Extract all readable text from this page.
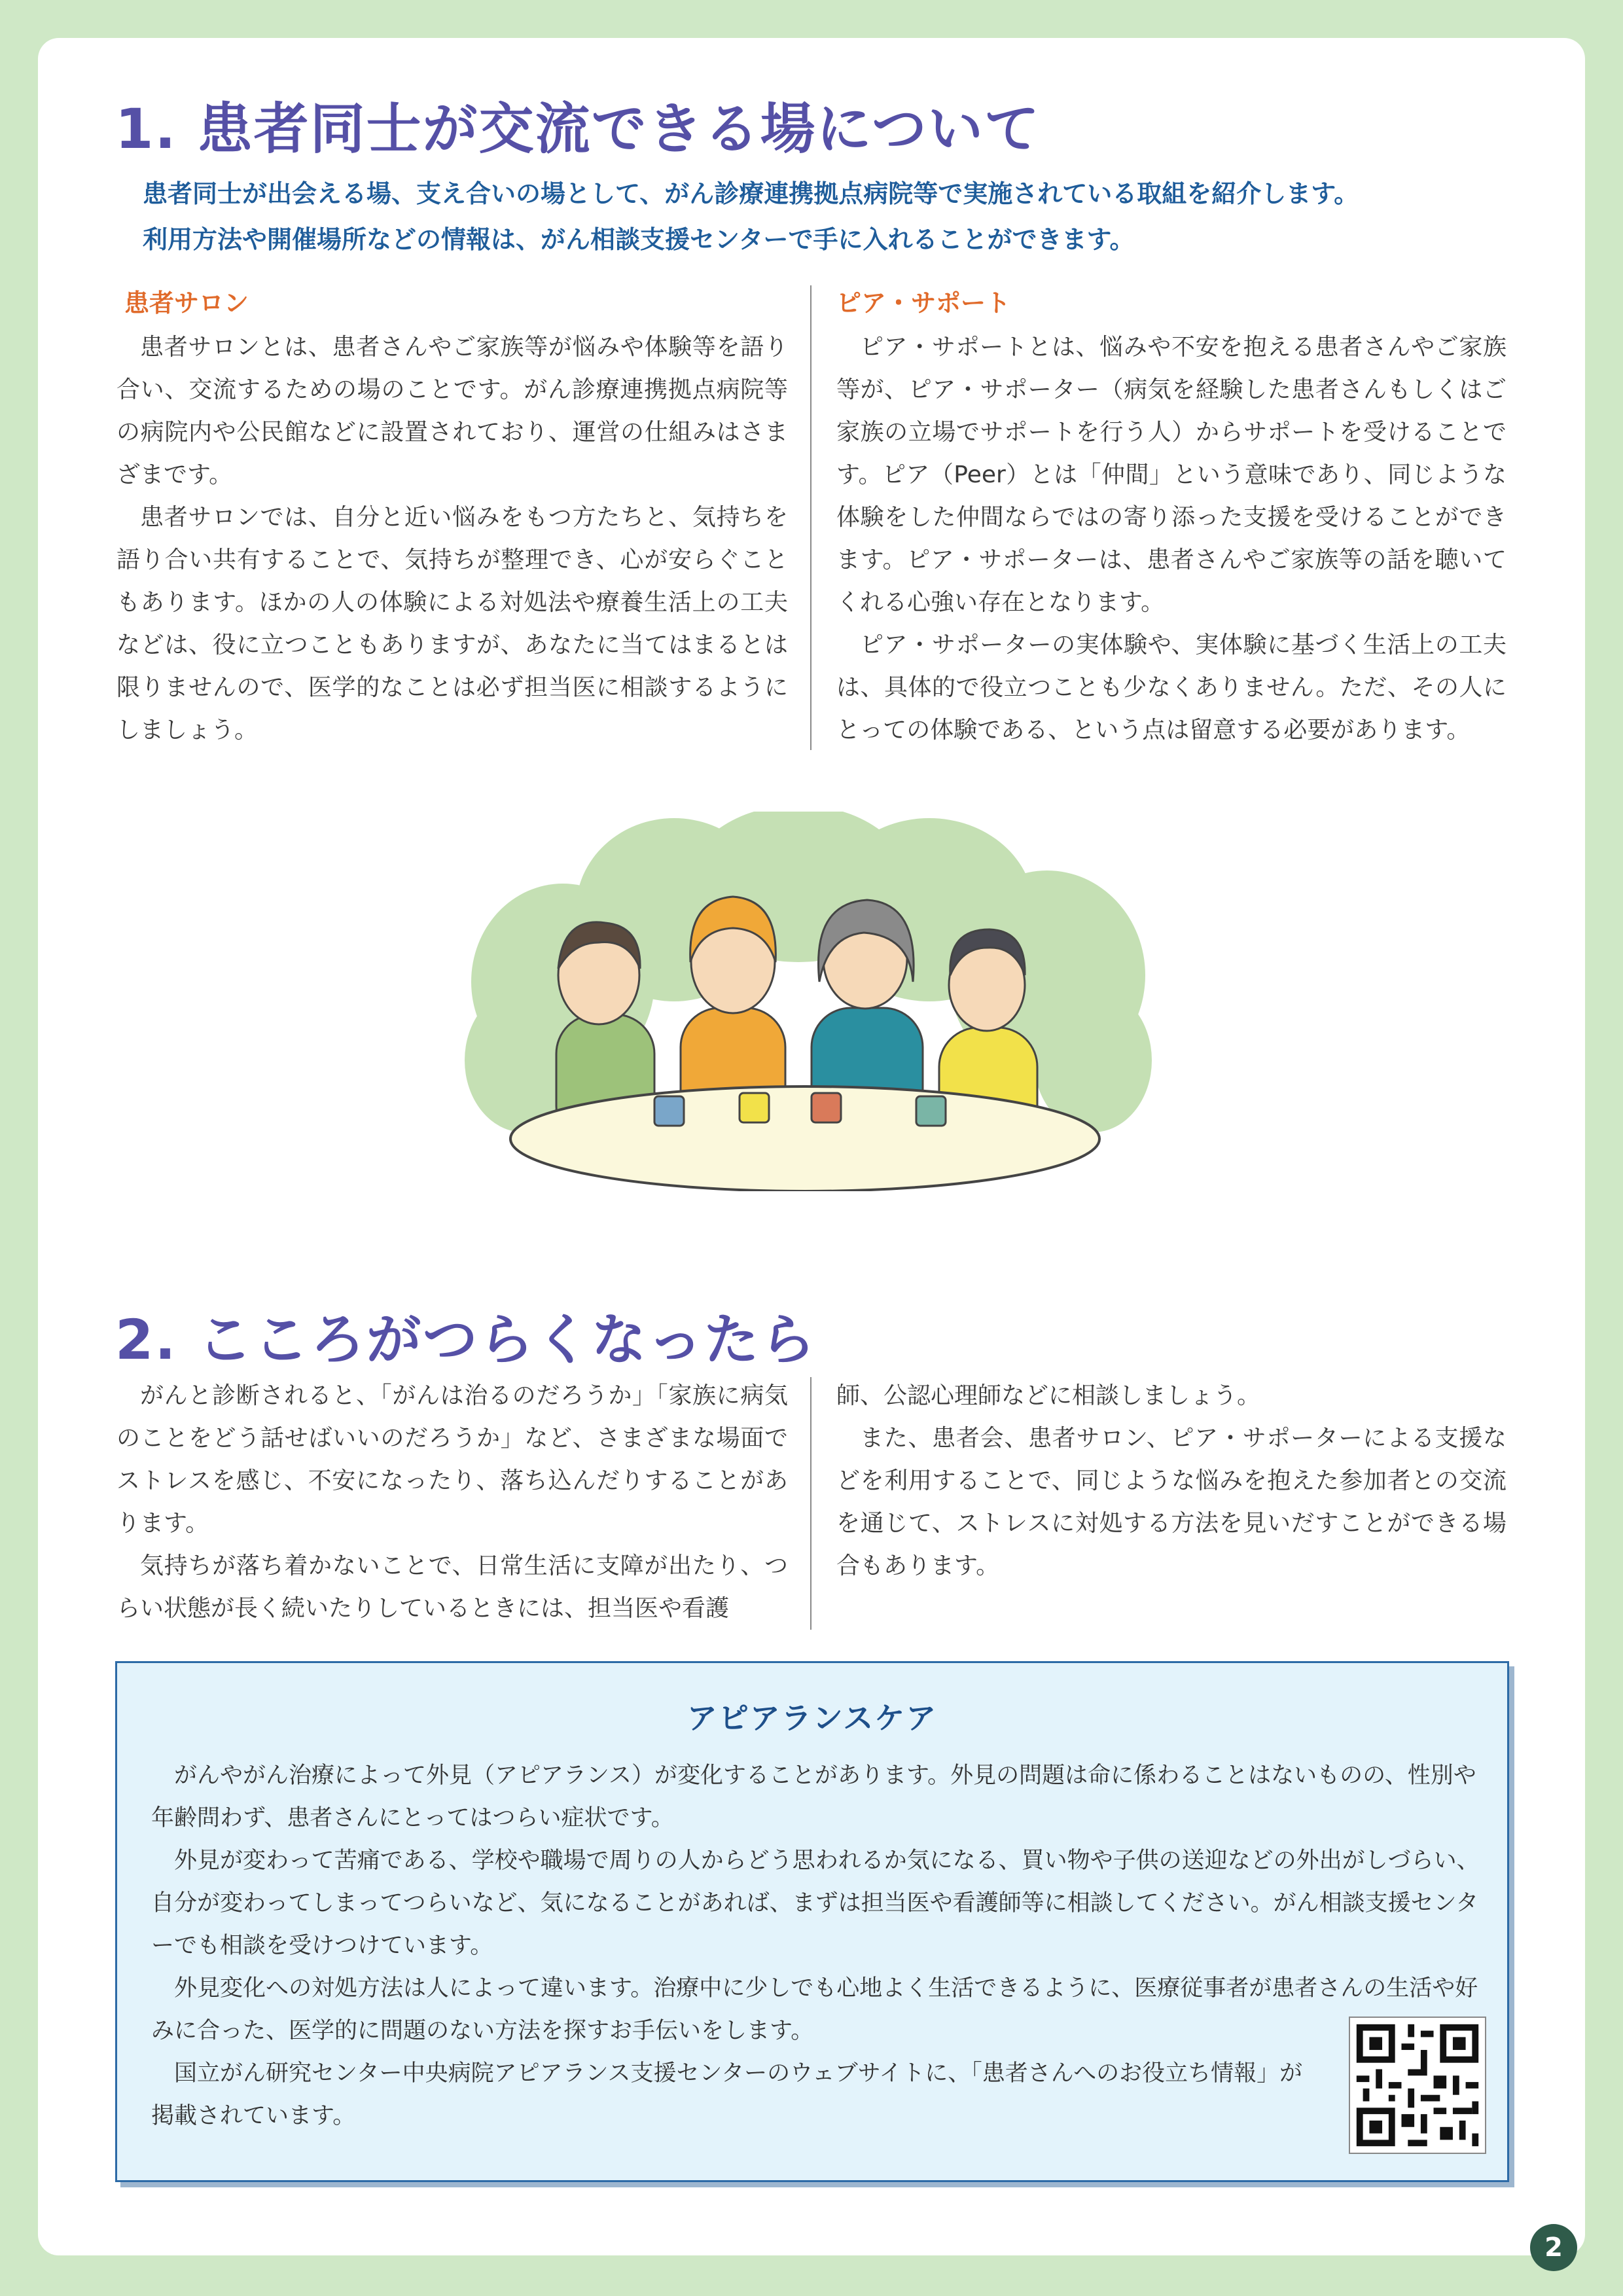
1. 患者同士が交流できる場について
患者同士が出会える場、支え合いの場として、がん診療連携拠点病院等で実施されている取組を紹介します。
利用方法や開催場所などの情報は、がん相談支援センターで手に入れることができます。
患者サロン

患者サロンとは、患者さんやご家族等が悩みや体験等を語り合い、交流するための場のことです。がん診療連携拠点病院等の病院内や公民館などに設置されており、運営の仕組みはさまざまです。

患者サロンでは、自分と近い悩みをもつ方たちと、気持ちを語り合い共有することで、気持ちが整理でき、心が安らぐこともあります。ほかの人の体験による対処法や療養生活上の工夫などは、役に立つこともありますが、あなたに当てはまるとは限りませんので、医学的なことは必ず担当医に相談するようにしましょう。

ピア・サポート

ピア・サポートとは、悩みや不安を抱える患者さんやご家族等が、ピア・サポーター（病気を経験した患者さんもしくはご家族の立場でサポートを行う人）からサポートを受けることです。ピア（Peer）とは「仲間」という意味であり、同じような体験をした仲間ならではの寄り添った支援を受けることができます。ピア・サポーターは、患者さんやご家族等の話を聴いてくれる心強い存在となります。

ピア・サポーターの実体験や、実体験に基づく生活上の工夫は、具体的で役立つことも少なくありません。ただ、その人にとっての体験である、という点は留意する必要があります。

2. こころがつらくなったら

がんと診断されると、「がんは治るのだろうか」「家族に病気のことをどう話せばいいのだろうか」など、さまざまな場面でストレスを感じ、不安になったり、落ち込んだりすることがあります。

気持ちが落ち着かないことで、日常生活に支障が出たり、つらい状態が長く続いたりしているときには、担当医や看護

師、公認心理師などに相談しましょう。

また、患者会、患者サロン、ピア・サポーターによる支援などを利用することで、同じような悩みを抱えた参加者との交流を通じて、ストレスに対処する方法を見いだすことができる場合もあります。

アピアランスケア

がんやがん治療によって外見（アピアランス）が変化することがあります。外見の問題は命に係わることはないものの、性別や年齢問わず、患者さんにとってはつらい症状です。

外見が変わって苦痛である、学校や職場で周りの人からどう思われるか気になる、買い物や子供の送迎などの外出がしづらい、自分が変わってしまってつらいなど、気になることがあれば、まずは担当医や看護師等に相談してください。がん相談支援センターでも相談を受けつけています。

外見変化への対処方法は人によって違います。治療中に少しでも心地よく生活できるように、医療従事者が患者さんの生活や好みに合った、医学的に問題のない方法を探すお手伝いをします。

国立がん研究センター中央病院アピアランス支援センターのウェブサイトに、「患者さんへのお役立ち情報」が掲載されています。

2
